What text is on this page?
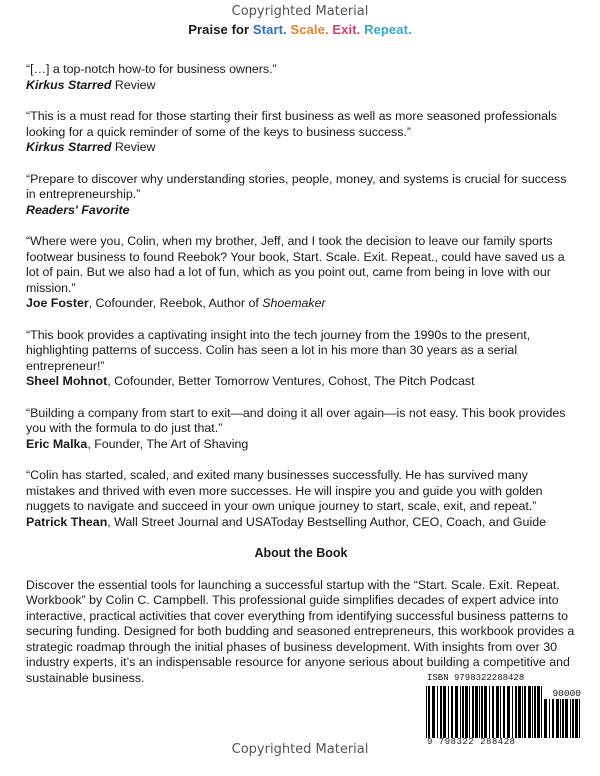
Copyrighted Material
Praise for Start. Scale. Exit. Repeat.

“[…] a top-notch how-to for business owners.”

Kirkus Starred Review

“This is a must read for those starting their first business as well as more seasoned professionals looking for a quick reminder of some of the keys to business success.”

Kirkus Starred Review

“Prepare to discover why understanding stories, people, money, and systems is crucial for success in entrepreneurship.”

Readers' Favorite

“Where were you, Colin, when my brother, Jeff, and I took the decision to leave our family sports footwear business to found Reebok? Your book, Start. Scale. Exit. Repeat., could have saved us a lot of pain. But we also had a lot of fun, which as you point out, came from being in love with our mission.”

Joe Foster, Cofounder, Reebok, Author of Shoemaker

“This book provides a captivating insight into the tech journey from the 1990s to the present, highlighting patterns of success. Colin has seen a lot in his more than 30 years as a serial entrepreneur!”

Sheel Mohnot, Cofounder, Better Tomorrow Ventures, Cohost, The Pitch Podcast

“Building a company from start to exit—and doing it all over again—is not easy. This book provides you with the formula to do just that.”

Eric Malka, Founder, The Art of Shaving

“Colin has started, scaled, and exited many businesses successfully. He has survived many mistakes and thrived with even more successes. He will inspire you and guide you with golden nuggets to navigate and succeed in your own unique journey to start, scale, exit, and repeat.”

Patrick Thean, Wall Street Journal and USAToday Bestselling Author, CEO, Coach, and Guide

About the Book

Discover the essential tools for launching a successful startup with the “Start. Scale. Exit. Repeat. Workbook” by Colin C. Campbell. This professional guide simplifies decades of expert advice into interactive, practical activities that cover everything from identifying successful business patterns to securing funding. Designed for both budding and seasoned entrepreneurs, this workbook provides a strategic roadmap through the initial phases of business development. With insights from over 30 industry experts, it’s an indispensable resource for anyone serious about building a competitive and sustainable business.	ISBN 9798322288428
90000
9 798322 288428
Copyrighted Material
